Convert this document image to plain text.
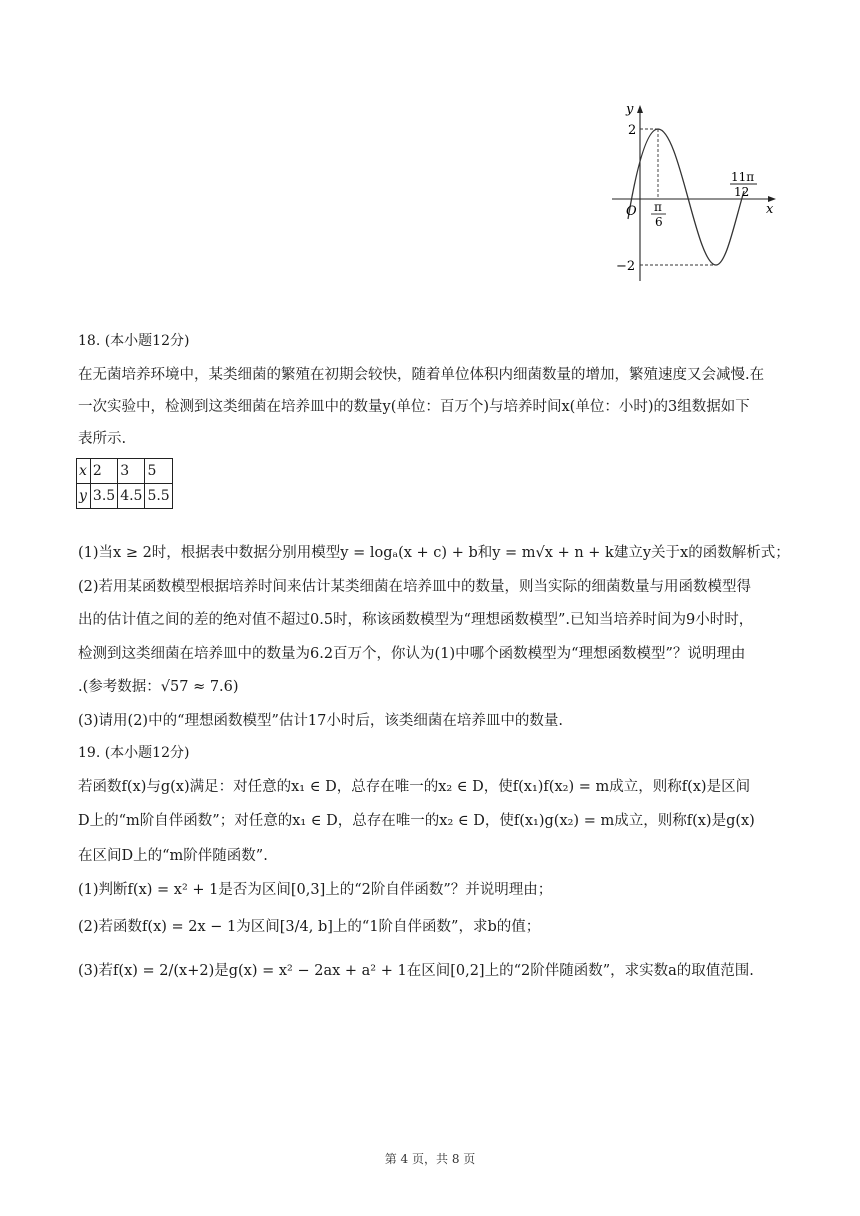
y
x
O
2
−2
π
6
11π
12
18. (本小题12分)
在无菌培养环境中，某类细菌的繁殖在初期会较快，随着单位体积内细菌数量的增加，繁殖速度又会减慢.在
一次实验中，检测到这类细菌在培养皿中的数量y(单位：百万个)与培养时间x(单位：小时)的3组数据如下
表所示.
x	2	3	5
y	3.5	4.5	5.5
(1)当x ≥ 2时，根据表中数据分别用模型y = logₐ(x + c) + b和y = m√x + n + k建立y关于x的函数解析式；
(2)若用某函数模型根据培养时间来估计某类细菌在培养皿中的数量，则当实际的细菌数量与用函数模型得
出的估计值之间的差的绝对值不超过0.5时，称该函数模型为“理想函数模型”.已知当培养时间为9小时时，
检测到这类细菌在培养皿中的数量为6.2百万个，你认为(1)中哪个函数模型为“理想函数模型”？说明理由
.(参考数据：√57 ≈ 7.6)
(3)请用(2)中的“理想函数模型”估计17小时后，该类细菌在培养皿中的数量.
19. (本小题12分)
若函数f(x)与g(x)满足：对任意的x₁ ∈ D，总存在唯一的x₂ ∈ D，使f(x₁)f(x₂) = m成立，则称f(x)是区间
D上的“m阶自伴函数”；对任意的x₁ ∈ D，总存在唯一的x₂ ∈ D，使f(x₁)g(x₂) = m成立，则称f(x)是g(x)
在区间D上的“m阶伴随函数”.
(1)判断f(x) = x² + 1是否为区间[0,3]上的“2阶自伴函数”？并说明理由；
(2)若函数f(x) = 2x − 1为区间[3/4, b]上的“1阶自伴函数”，求b的值；
(3)若f(x) = 2/(x+2)是g(x) = x² − 2ax + a² + 1在区间[0,2]上的“2阶伴随函数”，求实数a的取值范围.
第 4 页，共 8 页
